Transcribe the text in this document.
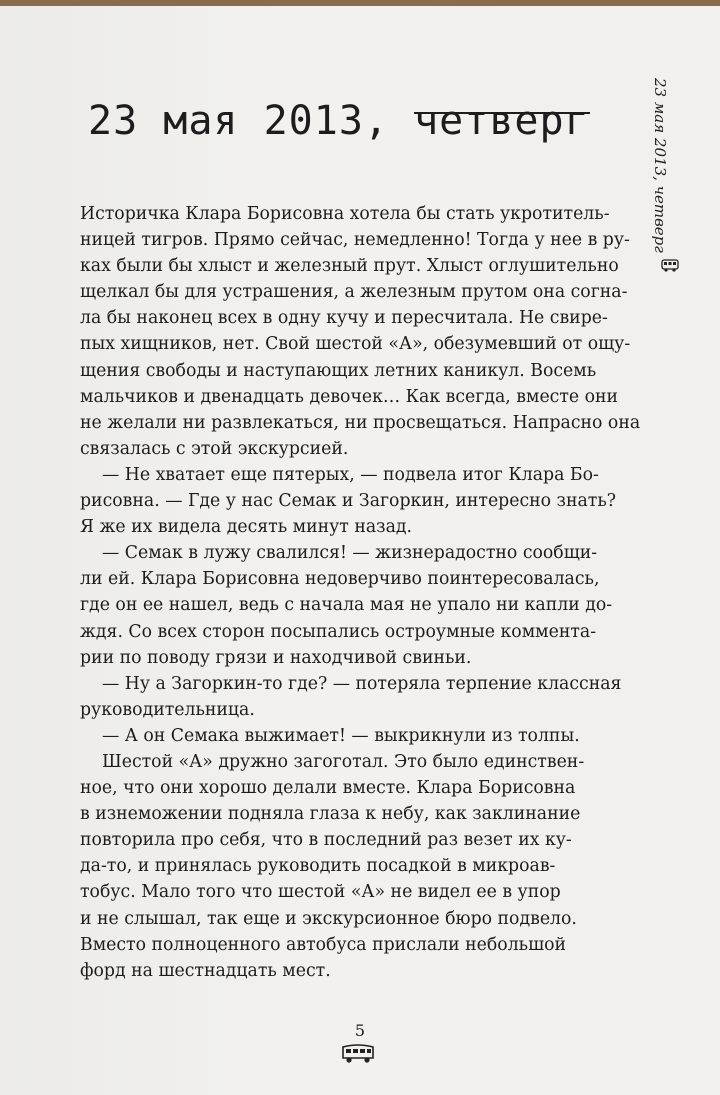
23 мая 2013, четверг	23 мая 2013, четверг
Историчка Клара Борисовна хотела бы стать укротитель-
ницей тигров. Прямо сейчас, немедленно! Тогда у нее в ру-
ках были бы хлыст и железный прут. Хлыст оглушительно
щелкал бы для устрашения, а железным прутом она согна-
ла бы наконец всех в одну кучу и пересчитала. Не свире-
пых хищников, нет. Свой шестой «А», обезумевший от ощу-
щения свободы и наступающих летних каникул. Восемь
мальчиков и двенадцать девочек… Как всегда, вместе они
не желали ни развлекаться, ни просвещаться. Напрасно она
связалась с этой экскурсией.
— Не хватает еще пятерых, — подвела итог Клара Бо-
рисовна. — Где у нас Семак и Загоркин, интересно знать?
Я же их видела десять минут назад.
— Семак в лужу свалился! — жизнерадостно сообщи-
ли ей. Клара Борисовна недоверчиво поинтересовалась,
где он ее нашел, ведь с начала мая не упало ни капли до-
ждя. Со всех сторон посыпались остроумные коммента-
рии по поводу грязи и находчивой свиньи.
— Ну а Загоркин-то где? — потеряла терпение классная
руководительница.
— А он Семака выжимает! — выкрикнули из толпы.
Шестой «А» дружно загоготал. Это было единствен-
ное, что они хорошо делали вместе. Клара Борисовна
в изнеможении подняла глаза к небу, как заклинание
повторила про себя, что в последний раз везет их ку-
да-то, и принялась руководить посадкой в микроав-
тобус. Мало того что шестой «А» не видел ее в упор
и не слышал, так еще и экскурсионное бюро подвело.
Вместо полноценного автобуса прислали небольшой
форд на шестнадцать мест.
5
